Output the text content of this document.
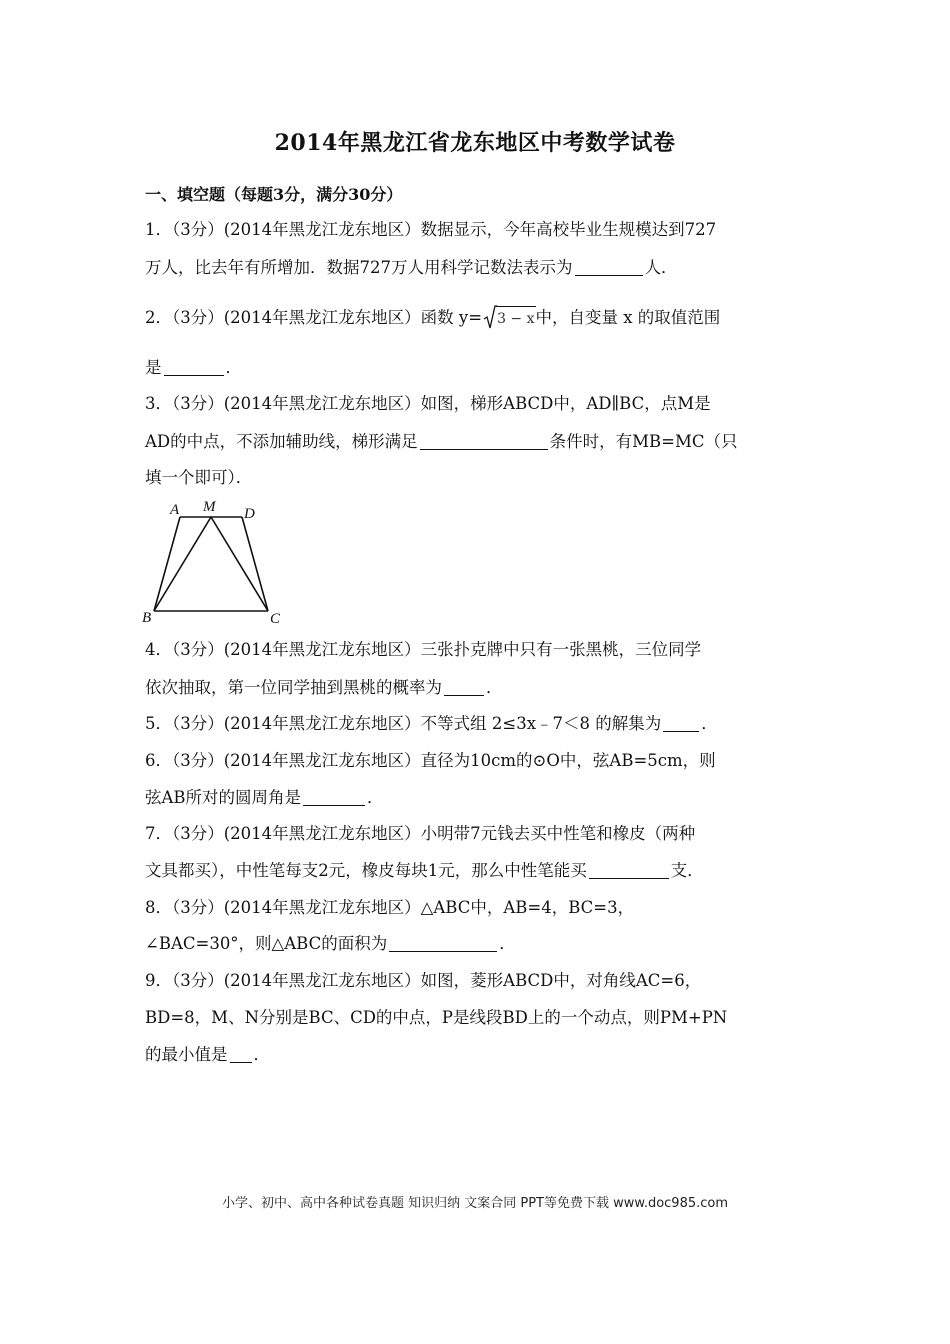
2014年黑龙江省龙东地区中考数学试卷
一、填空题（每题3分，满分30分）
1．（3分）(2014年黑龙江龙东地区）数据显示，今年高校毕业生规模达到727
万人，比去年有所增加．数据727万人用科学记数法表示为	人．
2．（3分）(2014年黑龙江龙东地区）函数 y= 3 − x中，自变量 x 的取值范围
是	．
3．（3分）(2014年黑龙江龙东地区）如图，梯形ABCD中，AD∥BC，点M是
AD的中点，不添加辅助线，梯形满足	条件时，有MB=MC（只
填一个即可）．
A M D
B	C
4．（3分）(2014年黑龙江龙东地区）三张扑克牌中只有一张黑桃，三位同学
依次抽取，第一位同学抽到黑桃的概率为	．
5．（3分）(2014年黑龙江龙东地区）不等式组 2≤3x﹣7＜8 的解集为 ．
6．（3分）(2014年黑龙江龙东地区）直径为10cm的⊙O中，弦AB=5cm，则
弦AB所对的圆周角是	．
7．（3分）(2014年黑龙江龙东地区）小明带7元钱去买中性笔和橡皮（两种
文具都买），中性笔每支2元，橡皮每块1元，那么中性笔能买	支．
8．（3分）(2014年黑龙江龙东地区）△ABC中，AB=4，BC=3，
∠BAC=30°，则△ABC的面积为	．
9．（3分）(2014年黑龙江龙东地区）如图，菱形ABCD中，对角线AC=6，
BD=8，M、N分别是BC、CD的中点，P是线段BD上的一个动点，则PM+PN
的最小值是 ．
小学、初中、高中各种试卷真题 知识归纳 文案合同 PPT等免费下载 www.doc985.com
